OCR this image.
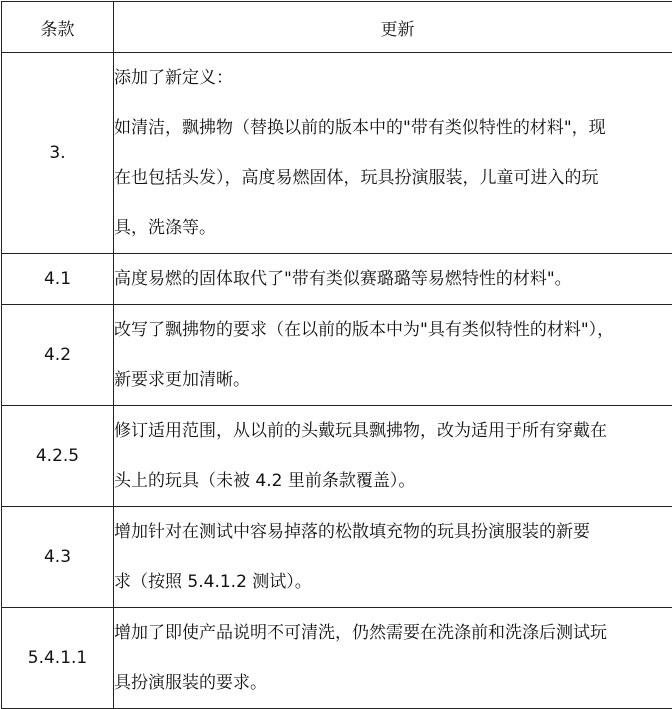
条款	更新
3.	添加了新定义：
如清洁，飘拂物（替换以前的版本中的"带有类似特性的材料"，现
在也包括头发），高度易燃固体，玩具扮演服装，儿童可进入的玩
具，洗涤等。

4.1	高度易燃的固体取代了"带有类似赛璐璐等易燃特性的材料"。

4.2	改写了飘拂物的要求（在以前的版本中为"具有类似特性的材料"），
新要求更加清晰。

4.2.5	修订适用范围，从以前的头戴玩具飘拂物，改为适用于所有穿戴在
头上的玩具（未被 4.2 里前条款覆盖）。

4.3	增加针对在测试中容易掉落的松散填充物的玩具扮演服装的新要
求（按照 5.4.1.2 测试）。

5.4.1.1	增加了即使产品说明不可清洗，仍然需要在洗涤前和洗涤后测试玩
具扮演服装的要求。
